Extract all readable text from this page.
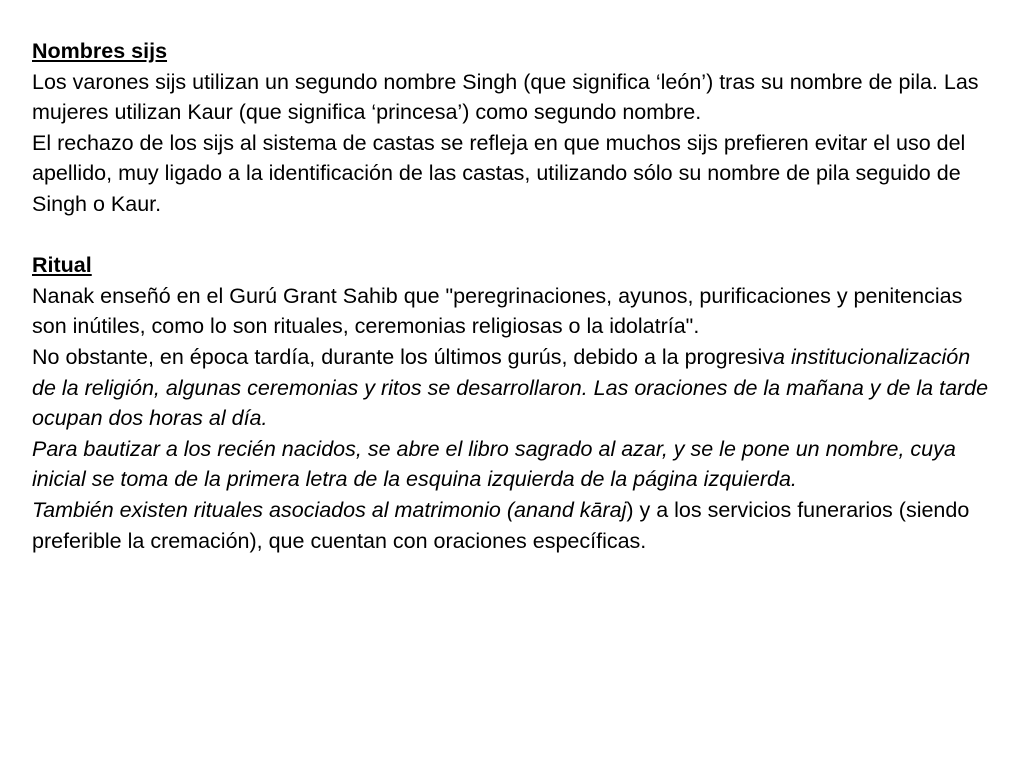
Nombres sijs
Los varones sijs utilizan un segundo nombre Singh (que significa ‘león’) tras su nombre de pila. Las mujeres utilizan Kaur (que significa ‘princesa’) como segundo nombre.
El rechazo de los sijs al sistema de castas se refleja en que muchos sijs prefieren evitar el uso del apellido, muy ligado a la identificación de las castas, utilizando sólo su nombre de pila seguido de Singh o Kaur.
Ritual
Nanak enseñó en el Gurú Grant Sahib que "peregrinaciones, ayunos, purificaciones y penitencias son inútiles, como lo son rituales, ceremonias religiosas o la idolatría".
No obstante, en época tardía, durante los últimos gurús, debido a la progresiva institucionalización de la religión, algunas ceremonias y ritos se desarrollaron. Las oraciones de la mañana y de la tarde ocupan dos horas al día.
Para bautizar a los recién nacidos, se abre el libro sagrado al azar, y se le pone un nombre, cuya inicial se toma de la primera letra de la esquina izquierda de la página izquierda.
También existen rituales asociados al matrimonio (anand kāraj) y a los servicios funerarios (siendo preferible la cremación), que cuentan con oraciones específicas.
